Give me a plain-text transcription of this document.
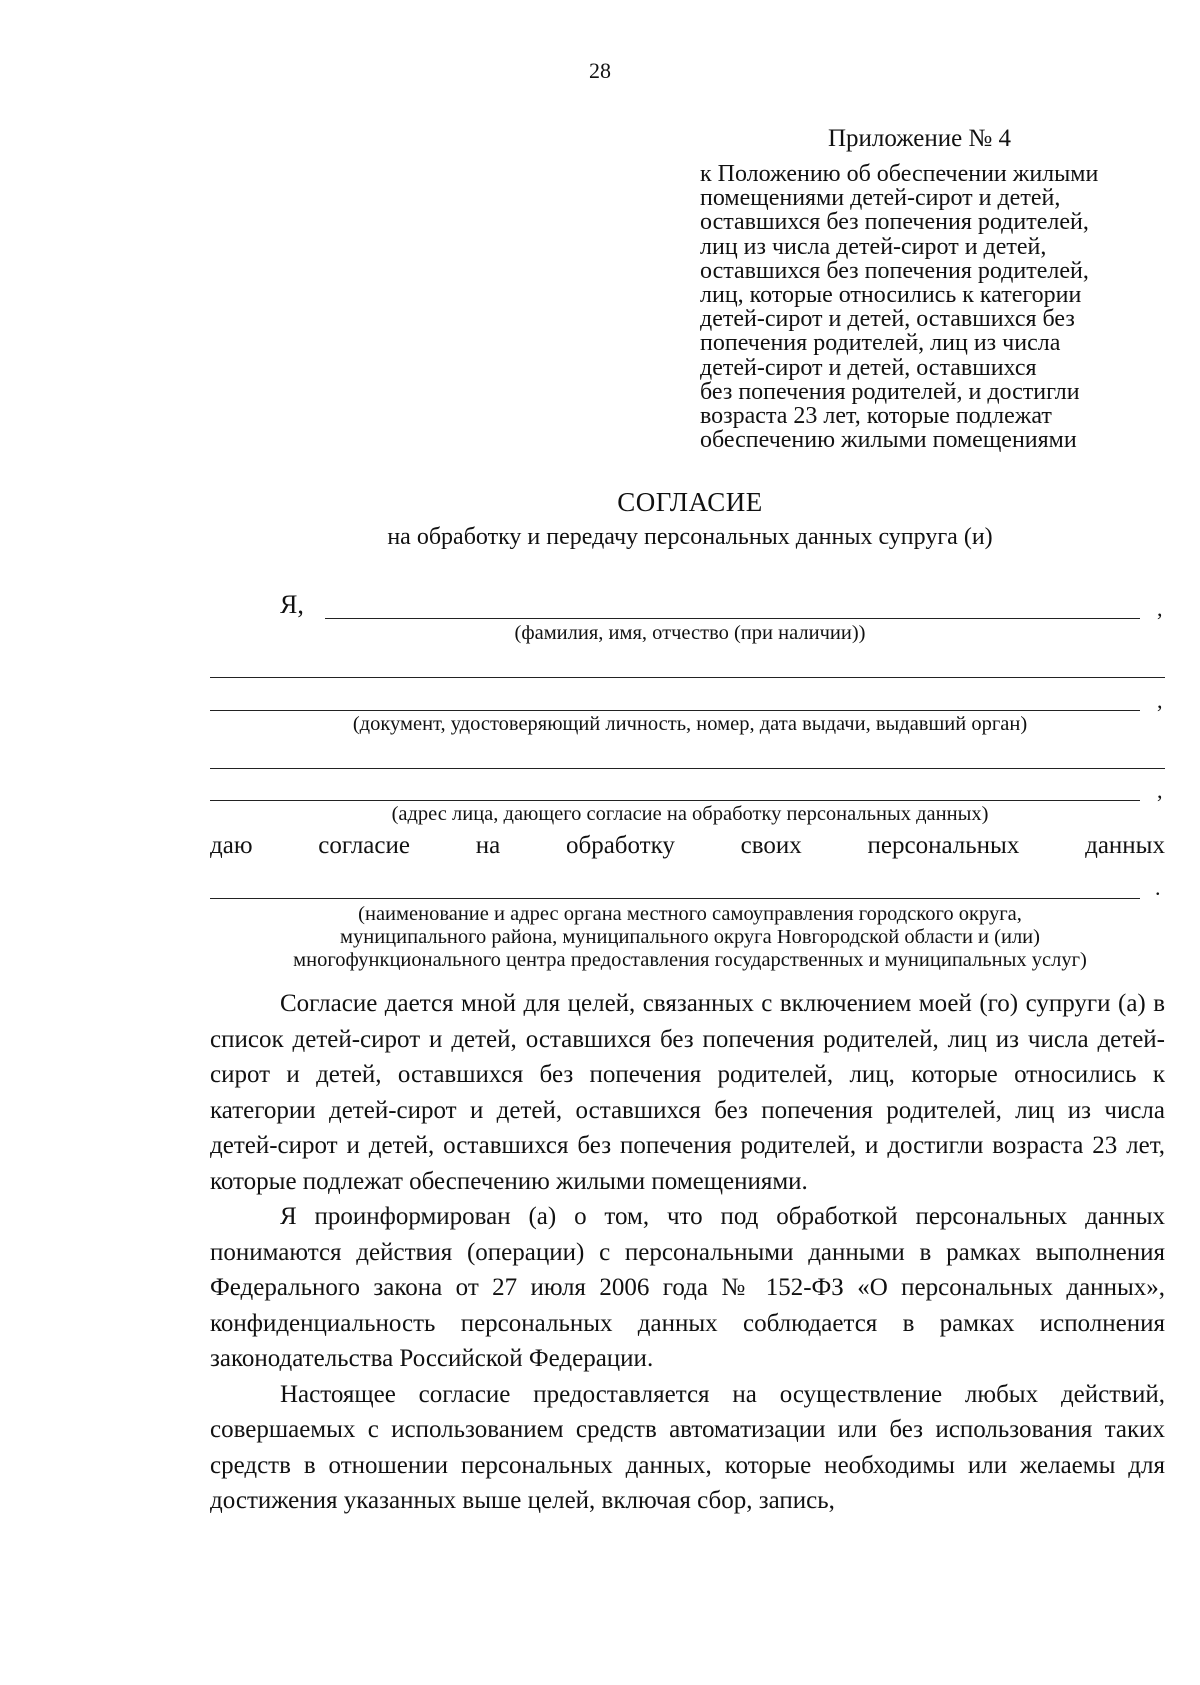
28
Приложение № 4
к Положению об обеспечении жилыми
помещениями детей-сирот и детей,
оставшихся без попечения родителей,
лиц из числа детей-сирот и детей,
оставшихся без попечения родителей,
лиц, которые относились к категории
детей-сирот и детей, оставшихся без
попечения родителей, лиц из числа
детей-сирот и детей, оставшихся
без попечения родителей, и достигли
возраста 23 лет, которые подлежат
обеспечению жилыми помещениями
СОГЛАСИЕ
на обработку и передачу персональных данных супруга (и)
Я,	,
(фамилия, имя, отчество (при наличии))
,
(документ, удостоверяющий личность, номер, дата выдачи, выдавший орган)
,
(адрес лица, дающего согласие на обработку персональных данных)
даю	согласие	на	обработку	своих	персональных	данных
.
(наименование и адрес органа местного самоуправления городского округа,
муниципального района, муниципального округа Новгородской области и (или)
многофункционального центра предоставления государственных и муниципальных услуг)

Согласие дается мной для целей, связанных с включением моей (го) супруги (а) в список детей-сирот и детей, оставшихся без попечения родителей, лиц из числа детей-сирот и детей, оставшихся без попечения родителей, лиц, которые относились к категории детей-сирот и детей, оставшихся без попечения родителей, лиц из числа детей-сирот и детей, оставшихся без попечения родителей, и достигли возраста 23 лет, которые подлежат обеспечению жилыми помещениями.

Я проинформирован (а) о том, что под обработкой персональных данных понимаются действия (операции) с персональными данными в рамках выполнения Федерального закона от 27 июля 2006 года № 152-ФЗ «О персональных данных», конфиденциальность персональных данных соблюдается в рамках исполнения законодательства Российской Федерации.

Настоящее согласие предоставляется на осуществление любых действий, совершаемых с использованием средств автоматизации или без использования таких средств в отношении персональных данных, которые необходимы или желаемы для достижения указанных выше целей, включая сбор, запись,
